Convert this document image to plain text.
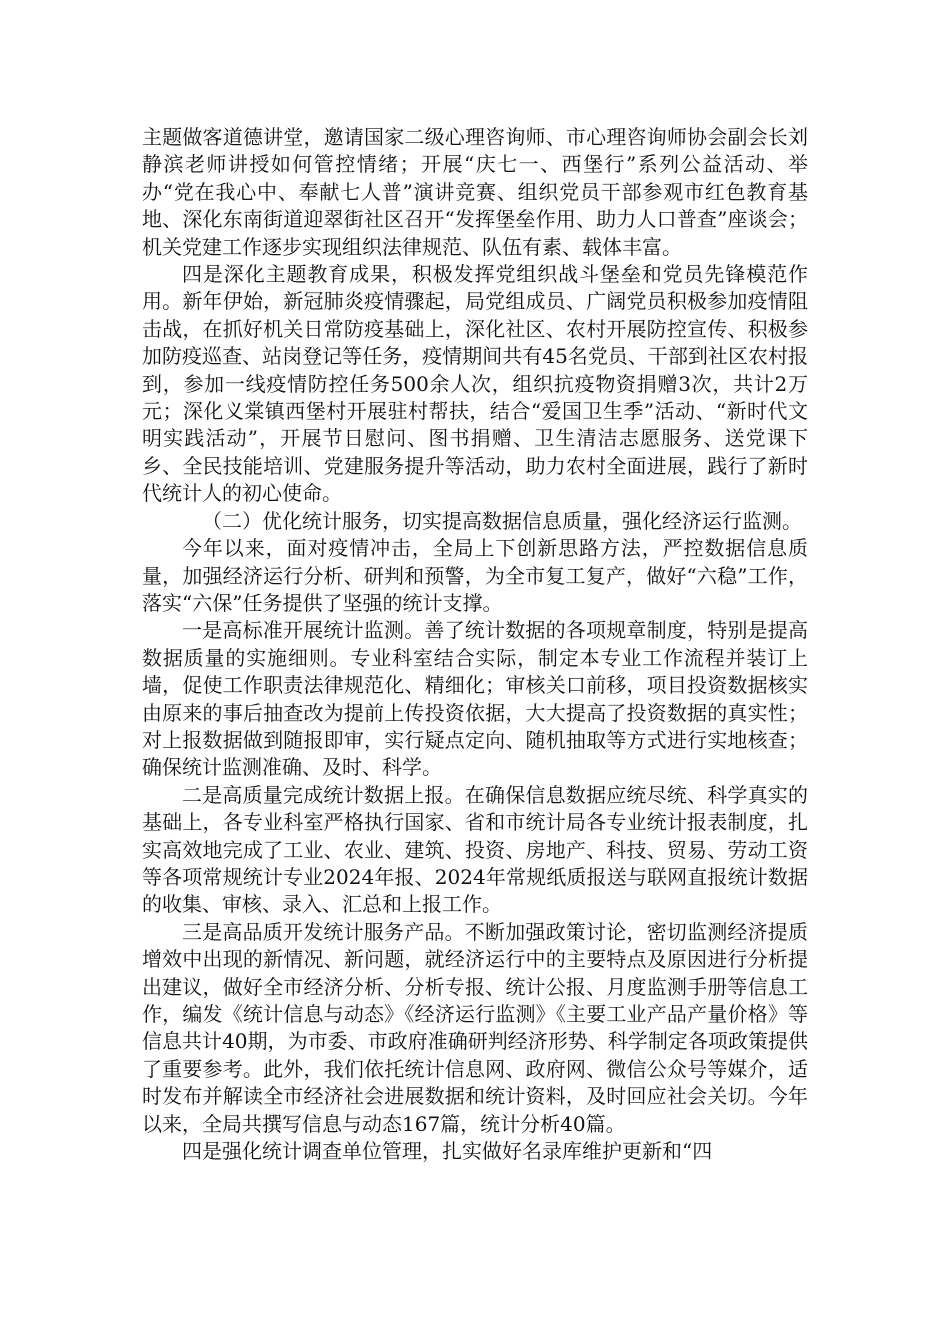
主题做客道德讲堂，邀请国家二级心理咨询师、市心理咨询师协会副会长刘静滨老师讲授如何管控情绪；开展“庆七一、西堡行”系列公益活动、举办“党在我心中、奉献七人普”演讲竞赛、组织党员干部参观市红色教育基地、深化东南街道迎翠街社区召开“发挥堡垒作用、助力人口普查”座谈会；机关党建工作逐步实现组织法律规范、队伍有素、载体丰富。

四是深化主题教育成果，积极发挥党组织战斗堡垒和党员先锋模范作用。新年伊始，新冠肺炎疫情骤起，局党组成员、广阔党员积极参加疫情阻击战，在抓好机关日常防疫基础上，深化社区、农村开展防控宣传、积极参加防疫巡查、站岗登记等任务，疫情期间共有45名党员、干部到社区农村报到，参加一线疫情防控任务500余人次，组织抗疫物资捐赠3次，共计2万元；深化义棠镇西堡村开展驻村帮扶，结合“爱国卫生季”活动、“新时代文明实践活动”，开展节日慰问、图书捐赠、卫生清洁志愿服务、送党课下乡、全民技能培训、党建服务提升等活动，助力农村全面进展，践行了新时代统计人的初心使命。

（二）优化统计服务，切实提高数据信息质量，强化经济运行监测。

今年以来，面对疫情冲击，全局上下创新思路方法，严控数据信息质量，加强经济运行分析、研判和预警，为全市复工复产，做好“六稳”工作，落实“六保”任务提供了坚强的统计支撑。

一是高标准开展统计监测。善了统计数据的各项规章制度，特别是提高数据质量的实施细则。专业科室结合实际，制定本专业工作流程并装订上墙，促使工作职责法律规范化、精细化；审核关口前移，项目投资数据核实由原来的事后抽查改为提前上传投资依据，大大提高了投资数据的真实性；对上报数据做到随报即审，实行疑点定向、随机抽取等方式进行实地核查；确保统计监测准确、及时、科学。

二是高质量完成统计数据上报。在确保信息数据应统尽统、科学真实的基础上，各专业科室严格执行国家、省和市统计局各专业统计报表制度，扎实高效地完成了工业、农业、建筑、投资、房地产、科技、贸易、劳动工资等各项常规统计专业2024年报、2024年常规纸质报送与联网直报统计数据的收集、审核、录入、汇总和上报工作。

三是高品质开发统计服务产品。不断加强政策讨论，密切监测经济提质增效中出现的新情况、新问题，就经济运行中的主要特点及原因进行分析提出建议，做好全市经济分析、分析专报、统计公报、月度监测手册等信息工作，编发《统计信息与动态》《经济运行监测》《主要工业产品产量价格》等信息共计40期，为市委、市政府准确研判经济形势、科学制定各项政策提供了重要参考。此外，我们依托统计信息网、政府网、微信公众号等媒介，适时发布并解读全市经济社会进展数据和统计资料，及时回应社会关切。今年以来，全局共撰写信息与动态167篇，统计分析40篇。

四是强化统计调查单位管理，扎实做好名录库维护更新和“四
